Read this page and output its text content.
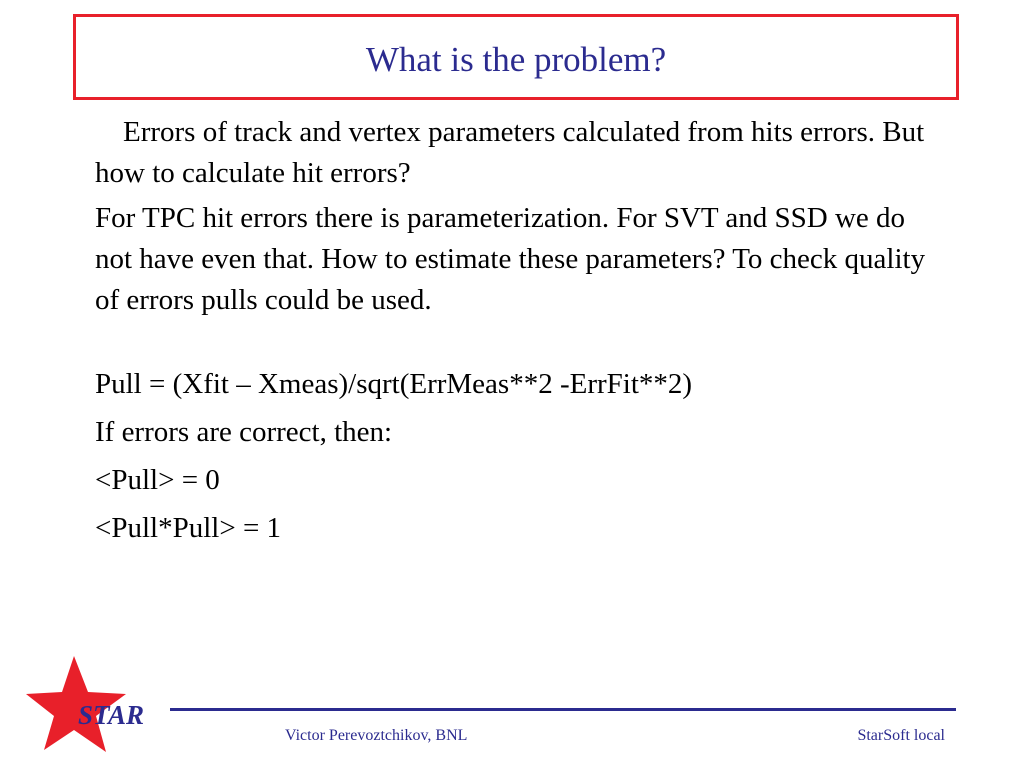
What is the problem?

Errors of track and vertex parameters calculated from hits errors. But how to calculate hit errors?

For TPC hit errors there is parameterization. For SVT and SSD we do not have even that. How to estimate these parameters? To check quality of errors pulls could be used.

Pull = (Xfit – Xmeas)/sqrt(ErrMeas**2 -ErrFit**2)

If errors are correct, then:

<Pull> = 0

<Pull*Pull> = 1

STAR
Victor Perevoztchikov, BNL	StarSoft local
